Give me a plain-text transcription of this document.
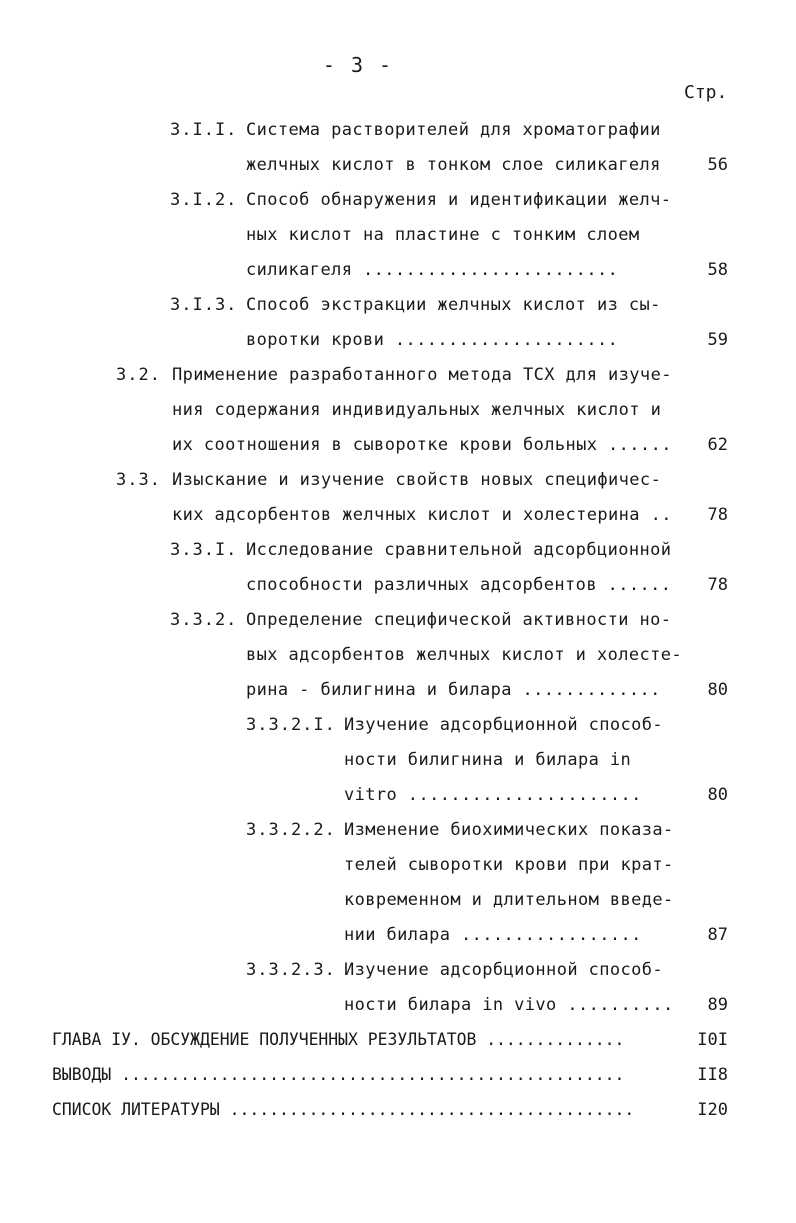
- 3 -
Стр.
3.I.I. Система растворителей для хроматографии
желчных кислот в тонком слое силикагеля	56
3.I.2. Способ обнаружения и идентификации желч-
ных кислот на пластине с тонким слоем
силикагеля ........................	58
3.I.3. Способ экстракции желчных кислот из сы-
воротки крови .....................	59
3.2. Применение разработанного метода ТСХ для изуче-
ния содержания индивидуальных желчных кислот и
их соотношения в сыворотке крови больных ......	62
3.3. Изыскание и изучение свойств новых специфичес-
ких адсорбентов желчных кислот и холестерина ..	78
3.3.I. Исследование сравнительной адсорбционной
способности различных адсорбентов ......	78
3.3.2. Определение специфической активности но-
вых адсорбентов желчных кислот и холесте-
рина - билигнина и билара .............	80
3.3.2.I. Изучение адсорбционной способ-
ности билигнина и билара in
vitro ......................	80
3.3.2.2. Изменение биохимических показа-
телей сыворотки крови при крат-
ковременном и длительном введе-
нии билара .................	87
3.3.2.3. Изучение адсорбционной способ-
ности билара in vivo ..........	89
ГЛАВА IУ. ОБСУЖДЕНИЕ ПОЛУЧЕННЫХ РЕЗУЛЬТАТОВ ..............	I0I
ВЫВОДЫ ...................................................	II8
СПИСОК ЛИТЕРАТУРЫ .........................................	I20
